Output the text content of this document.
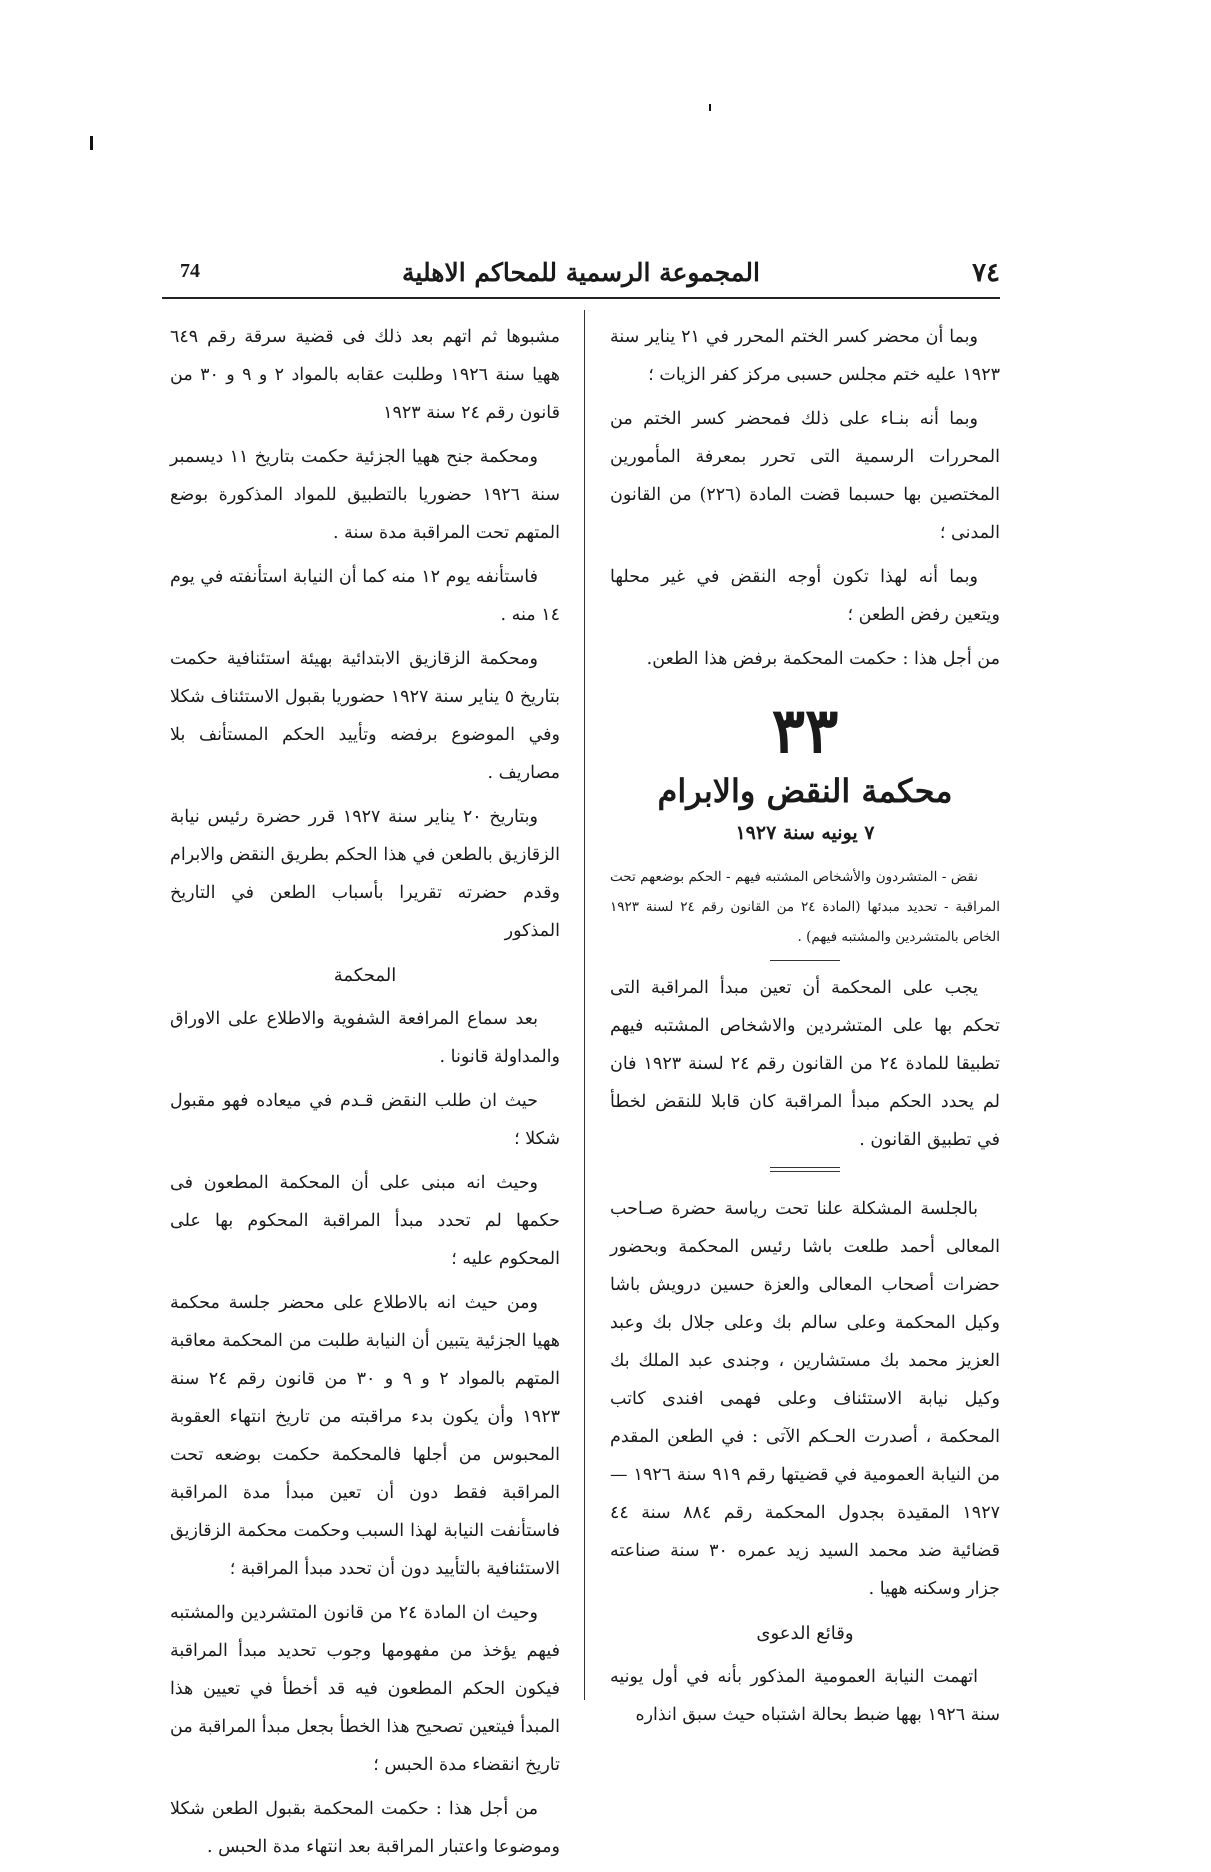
٧٤
المجموعة الرسمية للمحاكم الاهلية
74

وبما أن محضر كسر الختم المحرر في ٢١ يناير سنة ١٩٢٣ عليه ختم مجلس حسبى مركز كفر الزيات ؛

وبما أنه بنـاء على ذلك فمحضر كسر الختم من المحررات الرسمية التى تحرر بمعرفة المأمورين المختصين بها حسبما قضت المادة (٢٢٦) من القانون المدنى ؛

وبما أنه لهذا تكون أوجه النقض في غير محلها ويتعين رفض الطعن ؛

من أجل هذا : حكمت المحكمة برفض هذا الطعن.

٣٣
محكمة النقض والابرام
٧ يونيه سنة ١٩٢٧

نقض - المتشردون والأشخاص المشتبه فيهم - الحكم بوضعهم تحت المراقبة - تحديد مبدئها (المادة ٢٤ من القانون رقم ٢٤ لسنة ١٩٢٣ الخاص بالمتشردين والمشتبه فيهم) .

يجب على المحكمة أن تعين مبدأ المراقبة التى تحكم بها على المتشردين والاشخاص المشتبه فيهم تطبيقا للمادة ٢٤ من القانون رقم ٢٤ لسنة ١٩٢٣ فان لم يحدد الحكم مبدأ المراقبة كان قابلا للنقض لخطأ في تطبيق القانون .

بالجلسة المشكلة علنا تحت رياسة حضرة صـاحب المعالى أحمد طلعت باشا رئيس المحكمة وبحضور حضرات أصحاب المعالى والعزة حسين درويش باشا وكيل المحكمة وعلى سالم بك وعلى جلال بك وعبد العزيز محمد بك مستشارين ، وجندى عبد الملك بك وكيل نيابة الاستئناف وعلى فهمى افندى كاتب المحكمة ، أصدرت الحـكم الآتى : في الطعن المقدم من النيابة العمومية في قضيتها رقم ٩١٩ سنة ١٩٢٦ — ١٩٢٧ المقيدة بجدول المحكمة رقم ٨٨٤ سنة ٤٤ قضائية ضد محمد السيد زيد عمره ٣٠ سنة صناعته جزار وسكنه ههيا .

وقائع الدعوى

اتهمت النيابة العمومية المذكور بأنه في أول يونيه سنة ١٩٢٦ بهها ضبط بحالة اشتباه حيث سبق انذاره

مشبوها ثم اتهم بعد ذلك فى قضية سرقة رقم ٦٤٩ ههيا سنة ١٩٢٦ وطلبت عقابه بالمواد ٢ و ٩ و ٣٠ من قانون رقم ٢٤ سنة ١٩٢٣

ومحكمة جنح ههيا الجزئية حكمت بتاريخ ١١ ديسمبر سنة ١٩٢٦ حضوريا بالتطبيق للمواد المذكورة بوضع المتهم تحت المراقبة مدة سنة .

فاستأنفه يوم ١٢ منه كما أن النيابة استأنفته في يوم ١٤ منه .

ومحكمة الزقازيق الابتدائية بهيئة استئنافية حكمت بتاريخ ٥ يناير سنة ١٩٢٧ حضوريا بقبول الاستئناف شكلا وفي الموضوع برفضه وتأييد الحكم المستأنف بلا مصاريف .

وبتاريخ ٢٠ يناير سنة ١٩٢٧ قرر حضرة رئيس نيابة الزقازيق بالطعن في هذا الحكم بطريق النقض والابرام وقدم حضرته تقريرا بأسباب الطعن في التاريخ المذكور

المحكمة

بعد سماع المرافعة الشفوية والاطلاع على الاوراق والمداولة قانونا .

حيث ان طلب النقض قـدم في ميعاده فهو مقبول شكلا ؛

وحيث انه مبنى على أن المحكمة المطعون فى حكمها لم تحدد مبدأ المراقبة المحكوم بها على المحكوم عليه ؛

ومن حيث انه بالاطلاع على محضر جلسة محكمة ههيا الجزئية يتبين أن النيابة طلبت من المحكمة معاقبة المتهم بالمواد ٢ و ٩ و ٣٠ من قانون رقم ٢٤ سنة ١٩٢٣ وأن يكون بدء مراقبته من تاريخ انتهاء العقوبة المحبوس من أجلها فالمحكمة حكمت بوضعه تحت المراقبة فقط دون أن تعين مبدأ مدة المراقبة فاستأنفت النيابة لهذا السبب وحكمت محكمة الزقازيق الاستئنافية بالتأييد دون أن تحدد مبدأ المراقبة ؛

وحيث ان المادة ٢٤ من قانون المتشردين والمشتبه فيهم يؤخذ من مفهومها وجوب تحديد مبدأ المراقبة فيكون الحكم المطعون فيه قد أخطأ في تعيين هذا المبدأ فيتعين تصحيح هذا الخطأ بجعل مبدأ المراقبة من تاريخ انقضاء مدة الحبس ؛

من أجل هذا : حكمت المحكمة بقبول الطعن شكلا وموضوعا واعتبار المراقبة بعد انتهاء مدة الحبس .
